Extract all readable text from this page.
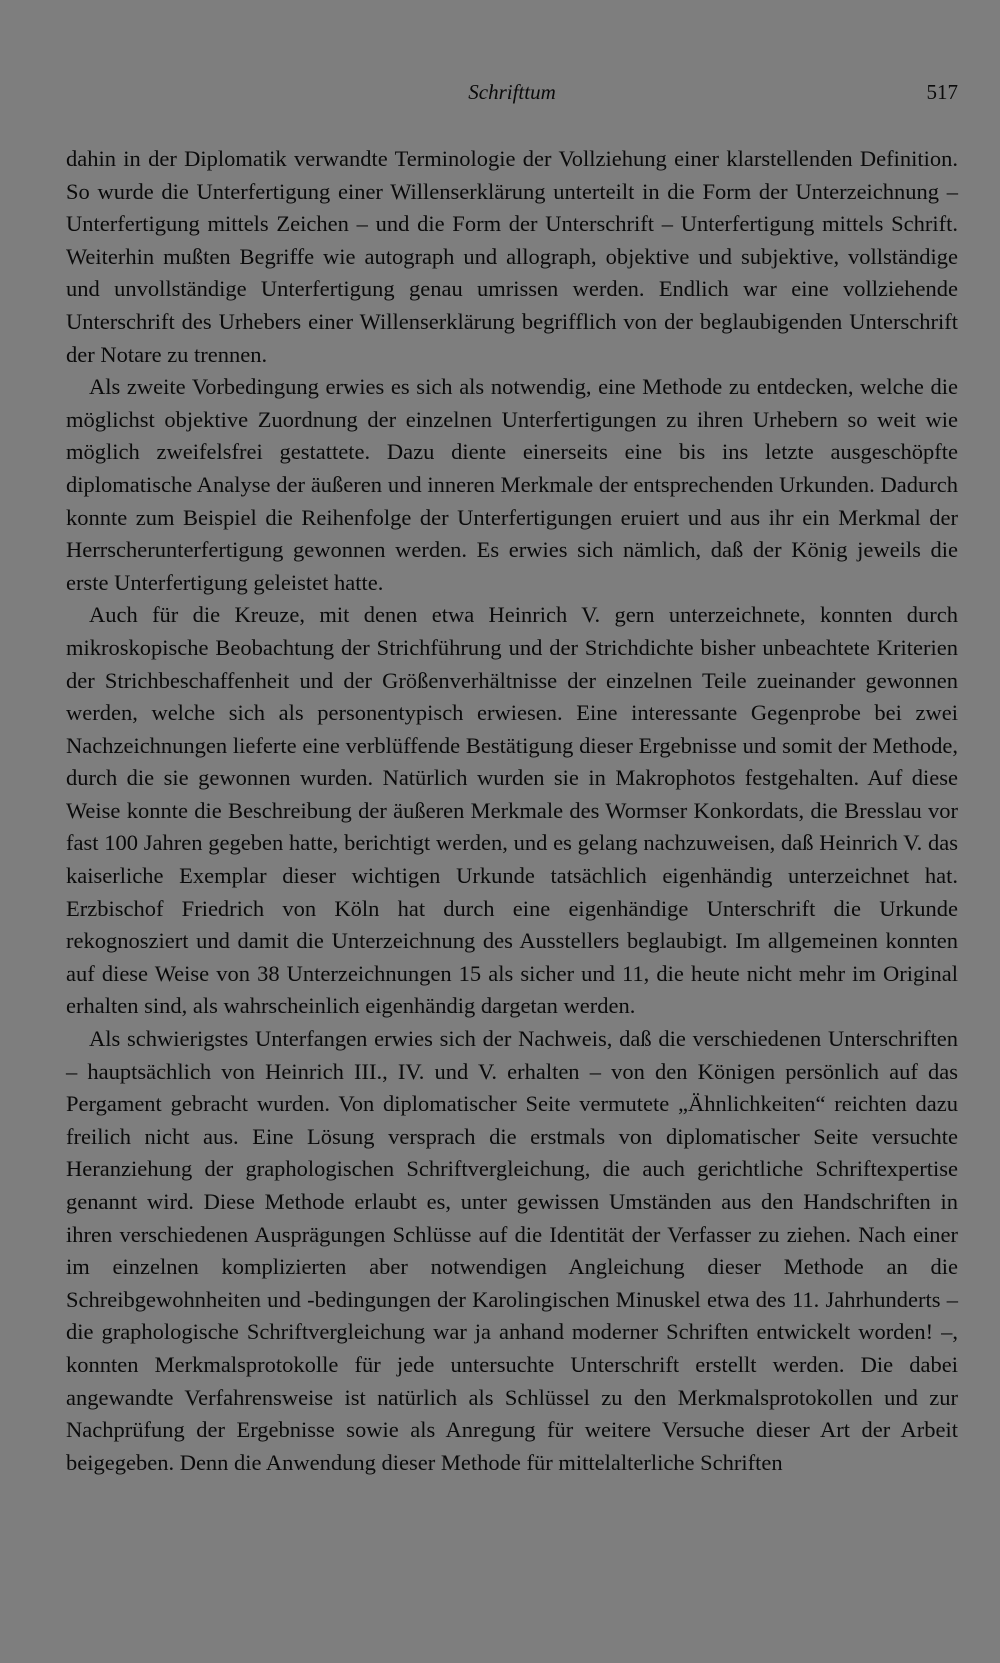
Schrifttum	517

dahin in der Diplomatik verwandte Terminologie der Vollziehung einer klarstellenden Definition. So wurde die Unterfertigung einer Willenserklärung unterteilt in die Form der Unterzeichnung – Unterfertigung mittels Zeichen – und die Form der Unterschrift – Unterfertigung mittels Schrift. Weiterhin mußten Begriffe wie autograph und allograph, objektive und subjektive, vollständige und unvollständige Unterfertigung genau umrissen werden. Endlich war eine vollziehende Unterschrift des Urhebers einer Willenserklärung begrifflich von der beglaubigenden Unterschrift der Notare zu trennen.

Als zweite Vorbedingung erwies es sich als notwendig, eine Methode zu entdecken, welche die möglichst objektive Zuordnung der einzelnen Unterfertigungen zu ihren Urhebern so weit wie möglich zweifelsfrei gestattete. Dazu diente einerseits eine bis ins letzte ausgeschöpfte diplomatische Analyse der äußeren und inneren Merkmale der entsprechenden Urkunden. Dadurch konnte zum Beispiel die Reihenfolge der Unterfertigungen eruiert und aus ihr ein Merkmal der Herrscherunterfertigung gewonnen werden. Es erwies sich nämlich, daß der König jeweils die erste Unterfertigung geleistet hatte.

Auch für die Kreuze, mit denen etwa Heinrich V. gern unterzeichnete, konnten durch mikroskopische Beobachtung der Strichführung und der Strichdichte bisher unbeachtete Kriterien der Strichbeschaffenheit und der Größenverhältnisse der einzelnen Teile zueinander gewonnen werden, welche sich als personentypisch erwiesen. Eine interessante Gegenprobe bei zwei Nachzeichnungen lieferte eine verblüffende Bestätigung dieser Ergebnisse und somit der Methode, durch die sie gewonnen wurden. Natürlich wurden sie in Makrophotos festgehalten. Auf diese Weise konnte die Beschreibung der äußeren Merkmale des Wormser Konkordats, die Bresslau vor fast 100 Jahren gegeben hatte, berichtigt werden, und es gelang nachzuweisen, daß Heinrich V. das kaiserliche Exemplar dieser wichtigen Urkunde tatsächlich eigenhändig unterzeichnet hat. Erzbischof Friedrich von Köln hat durch eine eigenhändige Unterschrift die Urkunde rekognosziert und damit die Unterzeichnung des Ausstellers beglaubigt. Im allgemeinen konnten auf diese Weise von 38 Unterzeichnungen 15 als sicher und 11, die heute nicht mehr im Original erhalten sind, als wahrscheinlich eigenhändig dargetan werden.

Als schwierigstes Unterfangen erwies sich der Nachweis, daß die verschiedenen Unterschriften – hauptsächlich von Heinrich III., IV. und V. erhalten – von den Königen persönlich auf das Pergament gebracht wurden. Von diplomatischer Seite vermutete „Ähnlichkeiten“ reichten dazu freilich nicht aus. Eine Lösung versprach die erstmals von diplomatischer Seite versuchte Heranziehung der graphologischen Schriftvergleichung, die auch gerichtliche Schriftexpertise genannt wird. Diese Methode erlaubt es, unter gewissen Umständen aus den Handschriften in ihren verschiedenen Ausprägungen Schlüsse auf die Identität der Verfasser zu ziehen. Nach einer im einzelnen komplizierten aber notwendigen Angleichung dieser Methode an die Schreibgewohnheiten und -bedingungen der Karolingischen Minuskel etwa des 11. Jahrhunderts – die graphologische Schriftvergleichung war ja anhand moderner Schriften entwickelt worden! –, konnten Merkmalsprotokolle für jede untersuchte Unterschrift erstellt werden. Die dabei angewandte Verfahrensweise ist natürlich als Schlüssel zu den Merkmalsprotokollen und zur Nachprüfung der Ergebnisse sowie als Anregung für weitere Versuche dieser Art der Arbeit beigegeben. Denn die Anwendung dieser Methode für mittelalterliche Schriften
